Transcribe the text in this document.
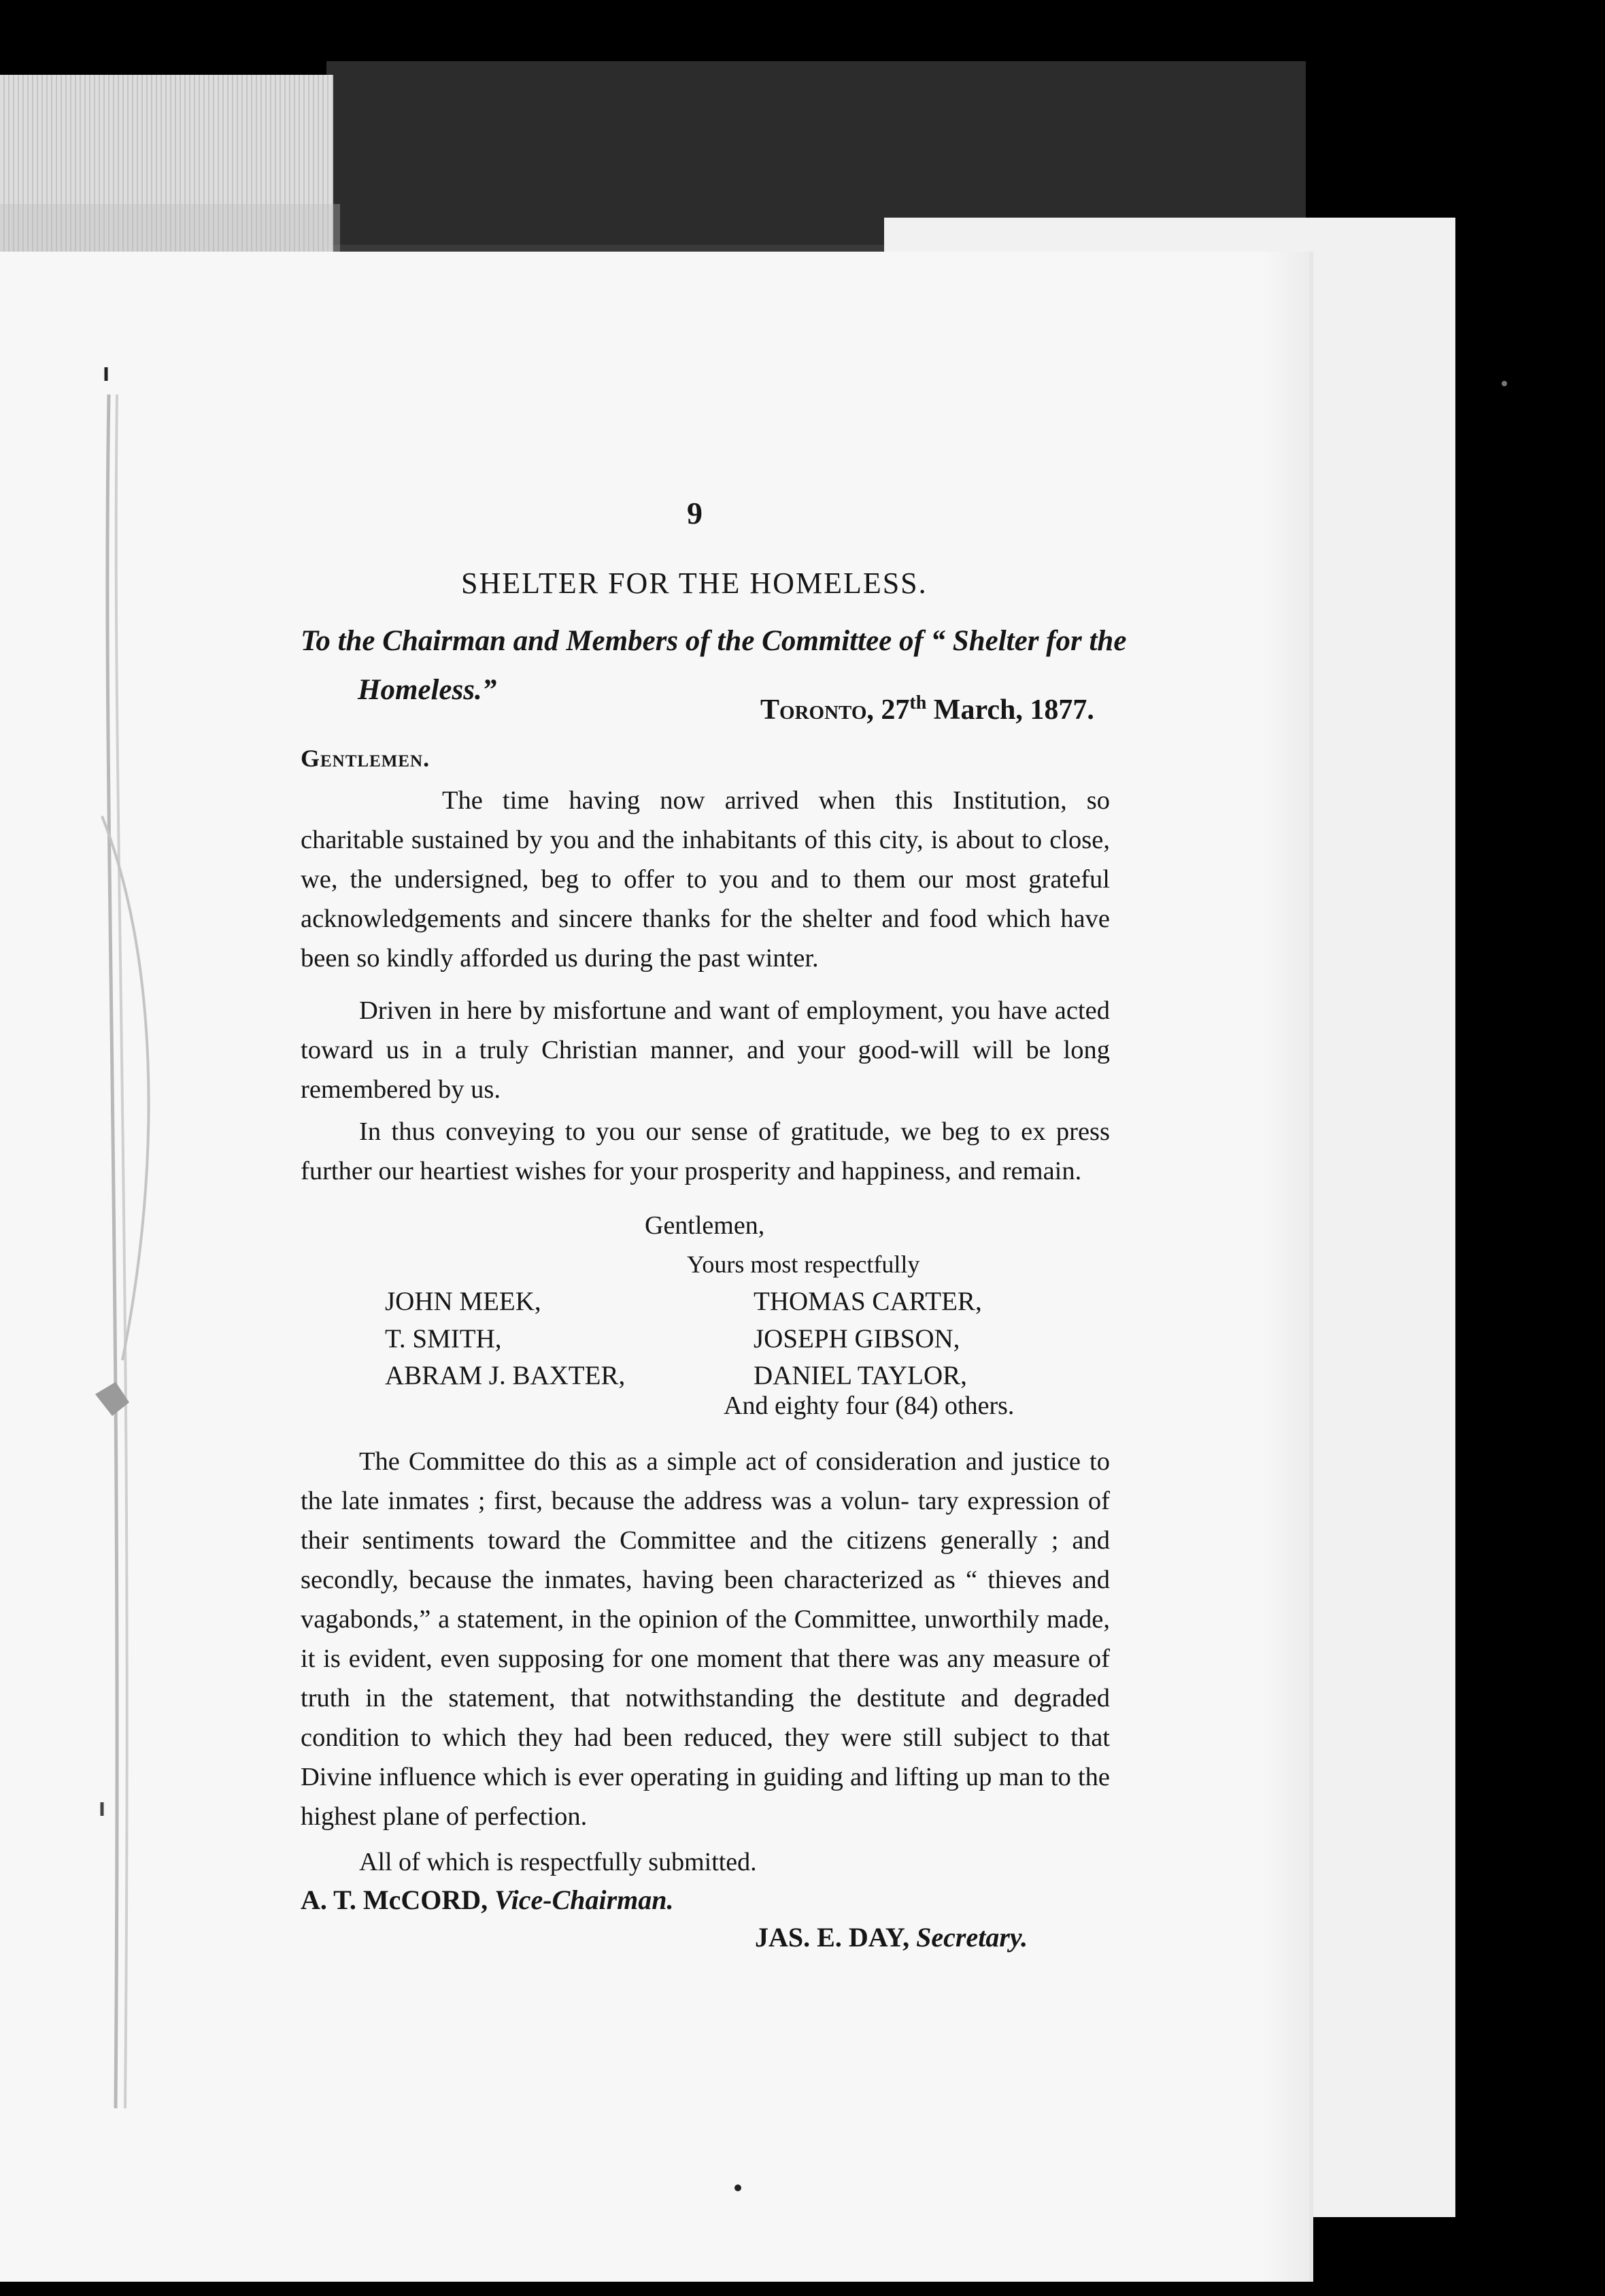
9
SHELTER FOR THE HOMELESS.
To the Chairman and Members of the Committee of “ Shelter for the
Homeless.”
Toronto, 27th March, 1877.
Gentlemen.

The time having now arrived when this Institution, so charitable sustained by you and the inhabitants of this city, is about to close, we, the undersigned, beg to offer to you and to them our most grateful acknowledgements and sincere thanks for the shelter and food which have been so kindly afforded us during the past winter.

Driven in here by misfortune and want of employment, you have acted toward us in a truly Christian manner, and your good-will will be long remembered by us.

In thus conveying to you our sense of gratitude, we beg to ex press further our heartiest wishes for your prosperity and happiness, and remain.

Gentlemen,
Yours most respectfully
JOHN MEEK,
T. SMITH,
ABRAM J. BAXTER,
THOMAS CARTER,
JOSEPH GIBSON,
DANIEL TAYLOR,
And eighty four (84) others.

The Committee do this as a simple act of consideration and justice to the late inmates ; first, because the address was a volun- tary expression of their sentiments toward the Committee and the citizens generally ; and secondly, because the inmates, having been characterized as “ thieves and vagabonds,” a statement, in the opinion of the Committee, unworthily made, it is evident, even supposing for one moment that there was any measure of truth in the statement, that notwithstanding the destitute and degraded condition to which they had been reduced, they were still subject to that Divine influence which is ever operating in guiding and lifting up man to the highest plane of perfection.

All of which is respectfully submitted.
A. T. McCORD, Vice-Chairman.
JAS. E. DAY, Secretary.
